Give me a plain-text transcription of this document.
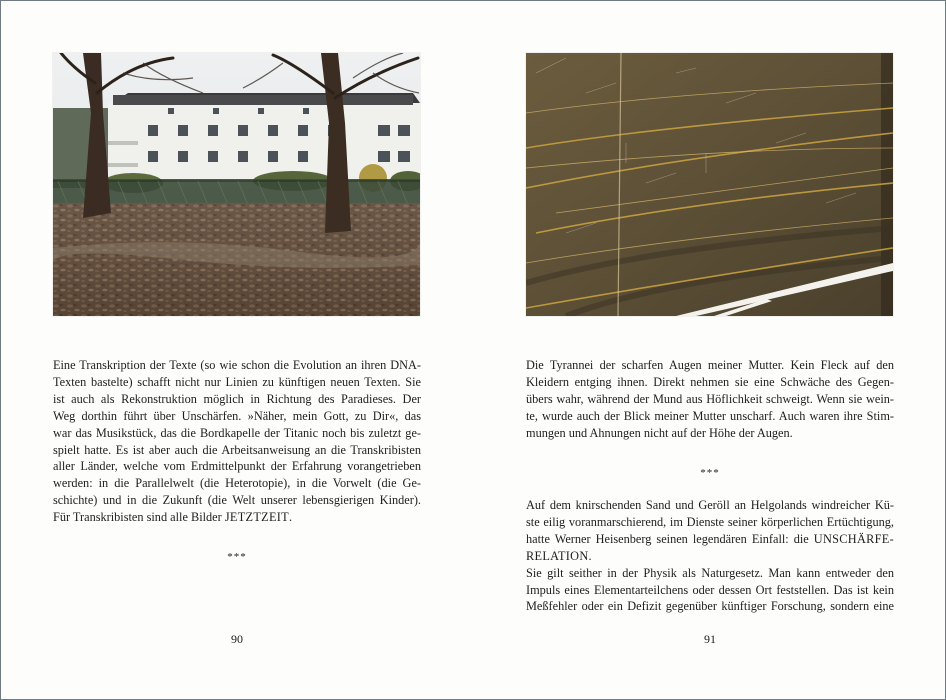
Eine Transkription der Texte (so wie schon die Evolution an ihren DNA-
Texten bastelte) schafft nicht nur Linien zu künftigen neuen Texten. Sie
ist auch als Rekonstruktion möglich in Richtung des Paradieses. Der
Weg dorthin führt über Unschärfen. »Näher, mein Gott, zu Dir«, das
war das Musikstück, das die Bordkapelle der Titanic noch bis zuletzt ge-
spielt hatte. Es ist aber auch die Arbeitsanweisung an die Transkribisten
aller Länder, welche vom Erdmittelpunkt der Erfahrung vorangetrieben
werden: in die Parallelwelt (die Heterotopie), in die Vorwelt (die Ge-
schichte) und in die Zukunft (die Welt unserer lebensgierigen Kinder).
Für Transkribisten sind alle Bilder JETZTZEIT.
***
Die Tyrannei der scharfen Augen meiner Mutter. Kein Fleck auf den
Kleidern entging ihnen. Direkt nehmen sie eine Schwäche des Gegen-
übers wahr, während der Mund aus Höflichkeit schweigt. Wenn sie wein-
te, wurde auch der Blick meiner Mutter unscharf. Auch waren ihre Stim-
mungen und Ahnungen nicht auf der Höhe der Augen.
***
Auf dem knirschenden Sand und Geröll an Helgolands windreicher Kü-
ste eilig voranmarschierend, im Dienste seiner körperlichen Ertüchtigung,
hatte Werner Heisenberg seinen legendären Einfall: die UNSCHÄRFE-
RELATION.
Sie gilt seither in der Physik als Naturgesetz. Man kann entweder den
Impuls eines Elementarteilchens oder dessen Ort feststellen. Das ist kein
Meßfehler oder ein Defizit gegenüber künftiger Forschung, sondern eine
90	91
